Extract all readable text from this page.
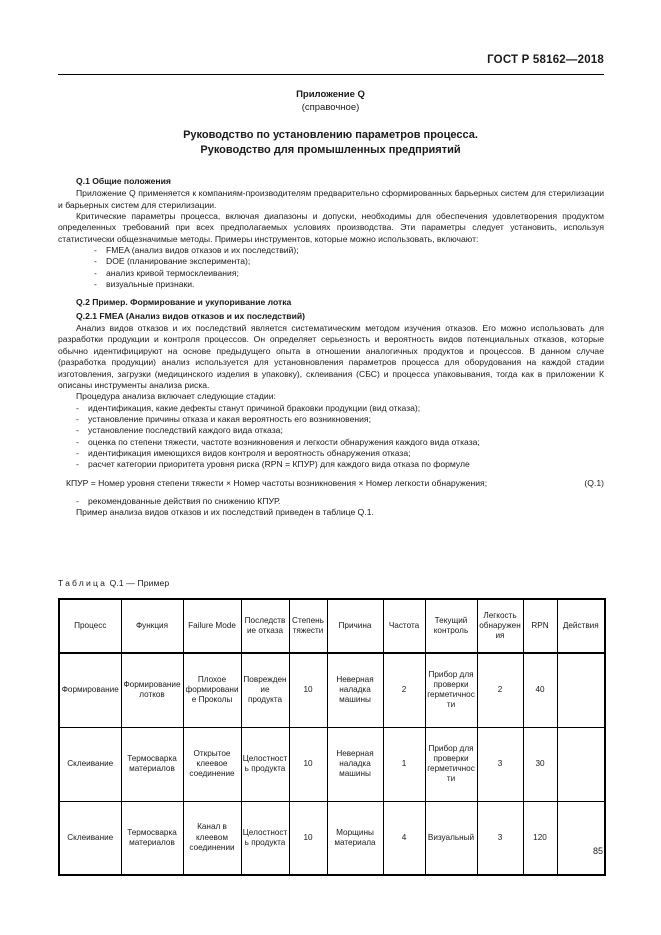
ГОСТ Р 58162—2018
Приложение Q
(справочное)
Руководство по установлению параметров процесса.
Руководство для промышленных предприятий

Q.1 Общие положения

Приложение Q применяется к компаниям-производителям предварительно сформированных барьерных систем для стерилизации и барьерных систем для стерилизации.

Критические параметры процесса, включая диапазоны и допуски, необходимы для обеспечения удовлетворения продуктом определенных требований при всех предполагаемых условиях производства. Эти параметры следует установить, используя статистически общезначимые методы. Примеры инструментов, которые можно использовать, включают:

- FMEA (анализ видов отказов и их последствий);

- DOE (планирование эксперимента);

- анализ кривой термосклеивания;

- визуальные признаки.

Q.2 Пример. Формирование и укупоривание лотка

Q.2.1 FMEA (Анализ видов отказов и их последствий)

Анализ видов отказов и их последствий является систематическим методом изучения отказов. Его можно использовать для разработки продукции и контроля процессов. Он определяет серьезность и вероятность видов потенциальных отказов, которые обычно идентифицируют на основе предыдущего опыта в отношении аналогичных продуктов и процессов. В данном случае (разработка продукции) анализ используется для установновления параметров процесса для оборудования на каждой стадии изготовления, загрузки (медицинского изделия в упаковку), склеивания (СБС) и процесса упаковывания, тогда как в приложении К описаны инструменты анализа риска.

Процедура анализа включает следующие стадии:

- идентификация, какие дефекты станут причиной браковки продукции (вид отказа);

- установление причины отказа и какая вероятность его возникновения;

- установление последствий каждого вида отказа;

- оценка по степени тяжести, частоте возникновения и легкости обнаружения каждого вида отказа;

- идентификация имеющихся видов контроля и вероятность обнаружения отказа;

- расчет категории приоритета уровня риска (RPN = КПУР) для каждого вида отказа по формуле

КПУР = Номер уровня степени тяжести × Номер частоты возникновения × Номер легкости обнаружения;	(Q.1)

- рекомендованные действия по снижению КПУР.

Пример анализа видов отказов и их последствий приведен в таблице Q.1.

Таблица Q.1 — Пример
Процесс	Функция	Failure Mode	Последствие отказа	Степень тяжести	Причина	Частота	Текущий контроль	Легкость обнаружения	RPN	Действия
Формирование	Формирование лотков	Плохое формирование Проколы	Повреждение продукта	10	Неверная наладка машины	2	Прибор для проверки герметичности	2	40	
Склеивание	Термосварка материалов	Открытое клеевое соединение	Целостность продукта	10	Неверная наладка машины	1	Прибор для проверки герметичности	3	30	
Склеивание	Термосварка материалов	Канал в клеевом соединении	Целостность продукта	10	Морщины материала	4	Визуальный	3	120	
85
